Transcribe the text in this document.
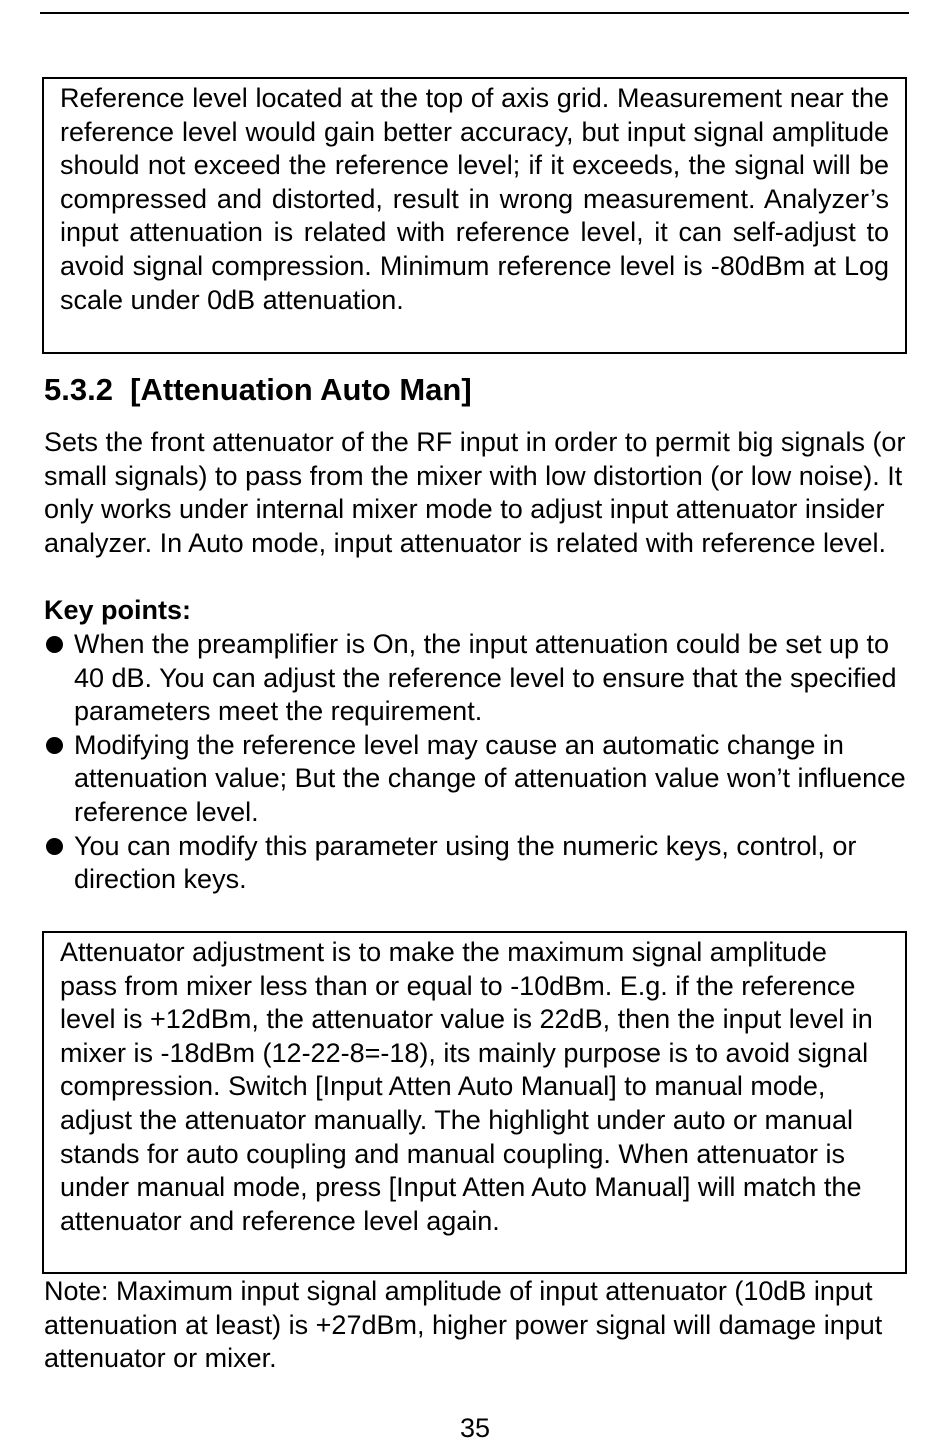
Reference level located at the top of axis grid. Measurement near the reference level would gain better accuracy, but input signal amplitude should not exceed the reference level; if it exceeds, the signal will be compressed and distorted, result in wrong measurement. Analyzer’s input attenuation is related with reference level, it can self-adjust to avoid signal compression. Minimum reference level is -80dBm at Log scale under 0dB attenuation.
5.3.2  [Attenuation Auto Man]
Sets the front attenuator of the RF input in order to permit big signals (or small signals) to pass from the mixer with low distortion (or low noise). It only works under internal mixer mode to adjust input attenuator insider analyzer. In Auto mode, input attenuator is related with reference level.
Key points:
When the preamplifier is On, the input attenuation could be set up to 40 dB. You can adjust the reference level to ensure that the specified parameters meet the requirement.
Modifying the reference level may cause an automatic change in attenuation value; But the change of attenuation value won’t influence reference level.
You can modify this parameter using the numeric keys, control, or direction keys.
Attenuator adjustment is to make the maximum signal amplitude pass from mixer less than or equal to -10dBm. E.g. if the reference level is +12dBm, the attenuator value is 22dB, then the input level in mixer is -18dBm (12-22-8=-18), its mainly purpose is to avoid signal compression. Switch [Input Atten Auto Manual] to manual mode, adjust the attenuator manually. The highlight under auto or manual stands for auto coupling and manual coupling. When attenuator is under manual mode, press [Input Atten Auto Manual] will match the attenuator and reference level again.
Note: Maximum input signal amplitude of input attenuator (10dB input attenuation at least) is +27dBm, higher power signal will damage input attenuator or mixer.
35
